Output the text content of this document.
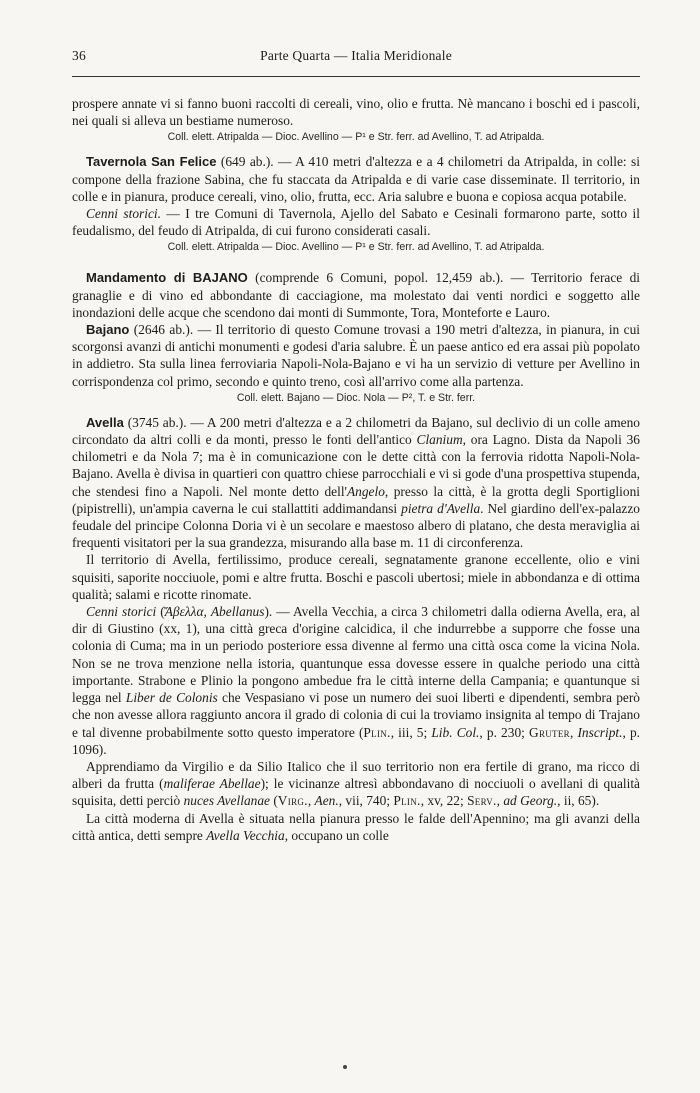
36	Parte Quarta — Italia Meridionale

prospere annate vi si fanno buoni raccolti di cereali, vino, olio e frutta. Nè mancano i boschi ed i pascoli, nei quali si alleva un bestiame numeroso.

Coll. elett. Atripalda — Dioc. Avellino — P¹ e Str. ferr. ad Avellino, T. ad Atripalda.

Tavernola San Felice (649 ab.). — A 410 metri d'altezza e a 4 chilometri da Atripalda, in colle: si compone della frazione Sabina, che fu staccata da Atripalda e di varie case disseminate. Il territorio, in colle e in pianura, produce cereali, vino, olio, frutta, ecc. Aria salubre e buona e copiosa acqua potabile.

Cenni storici. — I tre Comuni di Tavernola, Ajello del Sabato e Cesinali formarono parte, sotto il feudalismo, del feudo di Atripalda, di cui furono considerati casali.

Coll. elett. Atripalda — Dioc. Avellino — P¹ e Str. ferr. ad Avellino, T. ad Atripalda.

Mandamento di BAJANO (comprende 6 Comuni, popol. 12,459 ab.). — Territorio ferace di granaglie e di vino ed abbondante di cacciagione, ma molestato dai venti nordici e soggetto alle inondazioni delle acque che scendono dai monti di Summonte, Tora, Monteforte e Lauro.

Bajano (2646 ab.). — Il territorio di questo Comune trovasi a 190 metri d'altezza, in pianura, in cui scorgonsi avanzi di antichi monumenti e godesi d'aria salubre. È un paese antico ed era assai più popolato in addietro. Sta sulla linea ferroviaria Napoli-Nola-Bajano e vi ha un servizio di vetture per Avellino in corrispondenza col primo, secondo e quinto treno, così all'arrivo come alla partenza.

Coll. elett. Bajano — Dioc. Nola — P², T. e Str. ferr.

Avella (3745 ab.). — A 200 metri d'altezza e a 2 chilometri da Bajano, sul declivio di un colle ameno circondato da altri colli e da monti, presso le fonti dell'antico Clanium, ora Lagno. Dista da Napoli 36 chilometri e da Nola 7; ma è in comunicazione con le dette città con la ferrovia ridotta Napoli-Nola-Bajano. Avella è divisa in quartieri con quattro chiese parrocchiali e vi si gode d'una prospettiva stupenda, che stendesi fino a Napoli. Nel monte detto dell'Angelo, presso la città, è la grotta degli Sportiglioni (pipistrelli), un'ampia caverna le cui stallattiti addimandansi pietra d'Avella. Nel giardino dell'ex-palazzo feudale del principe Colonna Doria vi è un secolare e maestoso albero di platano, che desta meraviglia ai frequenti visitatori per la sua grandezza, misurando alla base m. 11 di circonferenza.

Il territorio di Avella, fertilissimo, produce cereali, segnatamente granone eccellente, olio e vini squisiti, saporite nocciuole, pomi e altre frutta. Boschi e pascoli ubertosi; miele in abbondanza e di ottima qualità; salami e ricotte rinomate.

Cenni storici (Ἄβελλα, Abellanus). — Avella Vecchia, a circa 3 chilometri dalla odierna Avella, era, al dir di Giustino (xx, 1), una città greca d'origine calcidica, il che indurrebbe a supporre che fosse una colonia di Cuma; ma in un periodo posteriore essa divenne al fermo una città osca come la vicina Nola. Non se ne trova menzione nella istoria, quantunque essa dovesse essere in qualche periodo una città importante. Strabone e Plinio la pongono ambedue fra le città interne della Campania; e quantunque si legga nel Liber de Colonis che Vespasiano vi pose un numero dei suoi liberti e dipendenti, sembra però che non avesse allora raggiunto ancora il grado di colonia di cui la troviamo insignita al tempo di Trajano e tal divenne probabilmente sotto questo imperatore (Plin., iii, 5; Lib. Col., p. 230; Gruter, Inscript., p. 1096).

Apprendiamo da Virgilio e da Silio Italico che il suo territorio non era fertile di grano, ma ricco di alberi da frutta (maliferae Abellae); le vicinanze altresì abbondavano di nocciuoli o avellani di qualità squisita, detti perciò nuces Avellanae (Virg., Aen., vii, 740; Plin., xv, 22; Serv., ad Georg., ii, 65).

La città moderna di Avella è situata nella pianura presso le falde dell'Apennino; ma gli avanzi della città antica, detti sempre Avella Vecchia, occupano un colle
